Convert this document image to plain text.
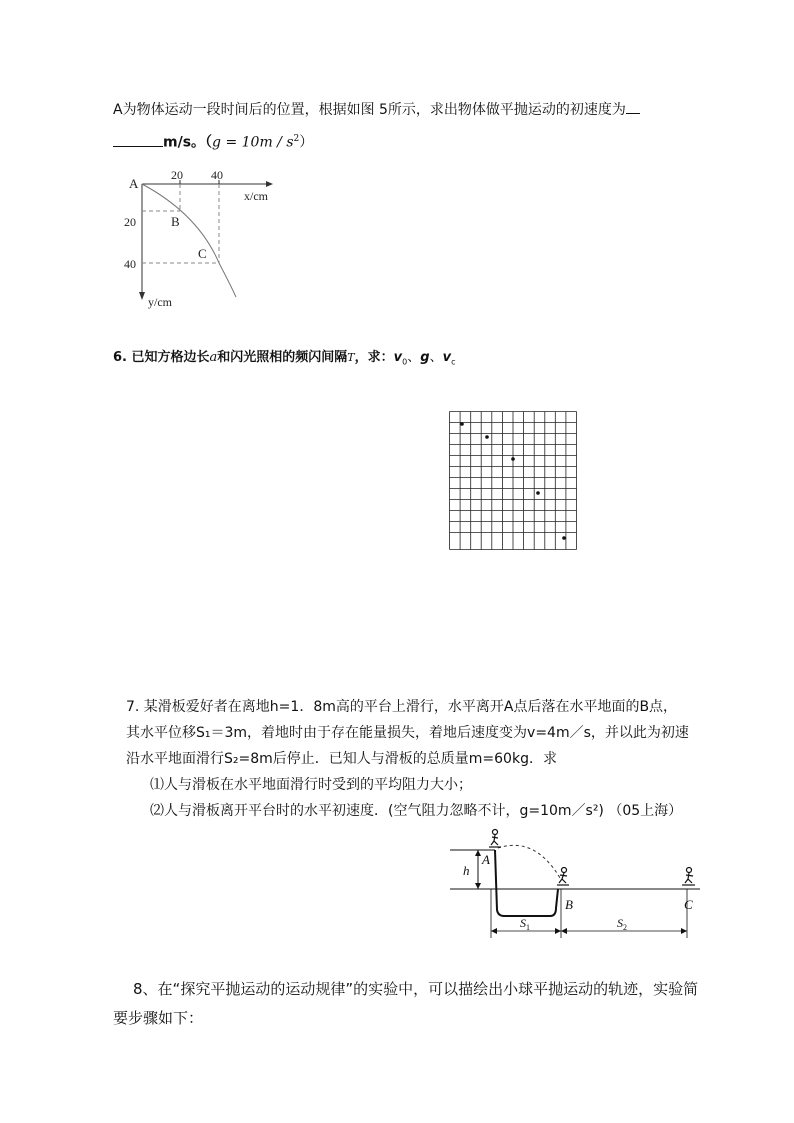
A为物体运动一段时间后的位置，根据如图 5所示，求出物体做平抛运动的初速度为
m/s。$(g = 10m / s^2)$
A
20 40
x/cm
20
40
B
C
y/cm
6. 已知方格边长a和闪光照相的频闪间隔T，求：$v_0$、g、$v_c$
7. 某滑板爱好者在离地h=1．8m高的平台上滑行，水平离开A点后落在水平地面的B点，
其水平位移S₁＝3m，着地时由于存在能量损失，着地后速度变为v=4m／s，并以此为初速
沿水平地面滑行S₂=8m后停止．已知人与滑板的总质量m=60kg．求
⑴人与滑板在水平地面滑行时受到的平均阻力大小；
⑵人与滑板离开平台时的水平初速度．(空气阻力忽略不计，g=10m／s²) （05上海）
A
h
B	C
$S_1$	$S_2$
8、在“探究平抛运动的运动规律”的实验中，可以描绘出小球平抛运动的轨迹，实验简
要步骤如下：
